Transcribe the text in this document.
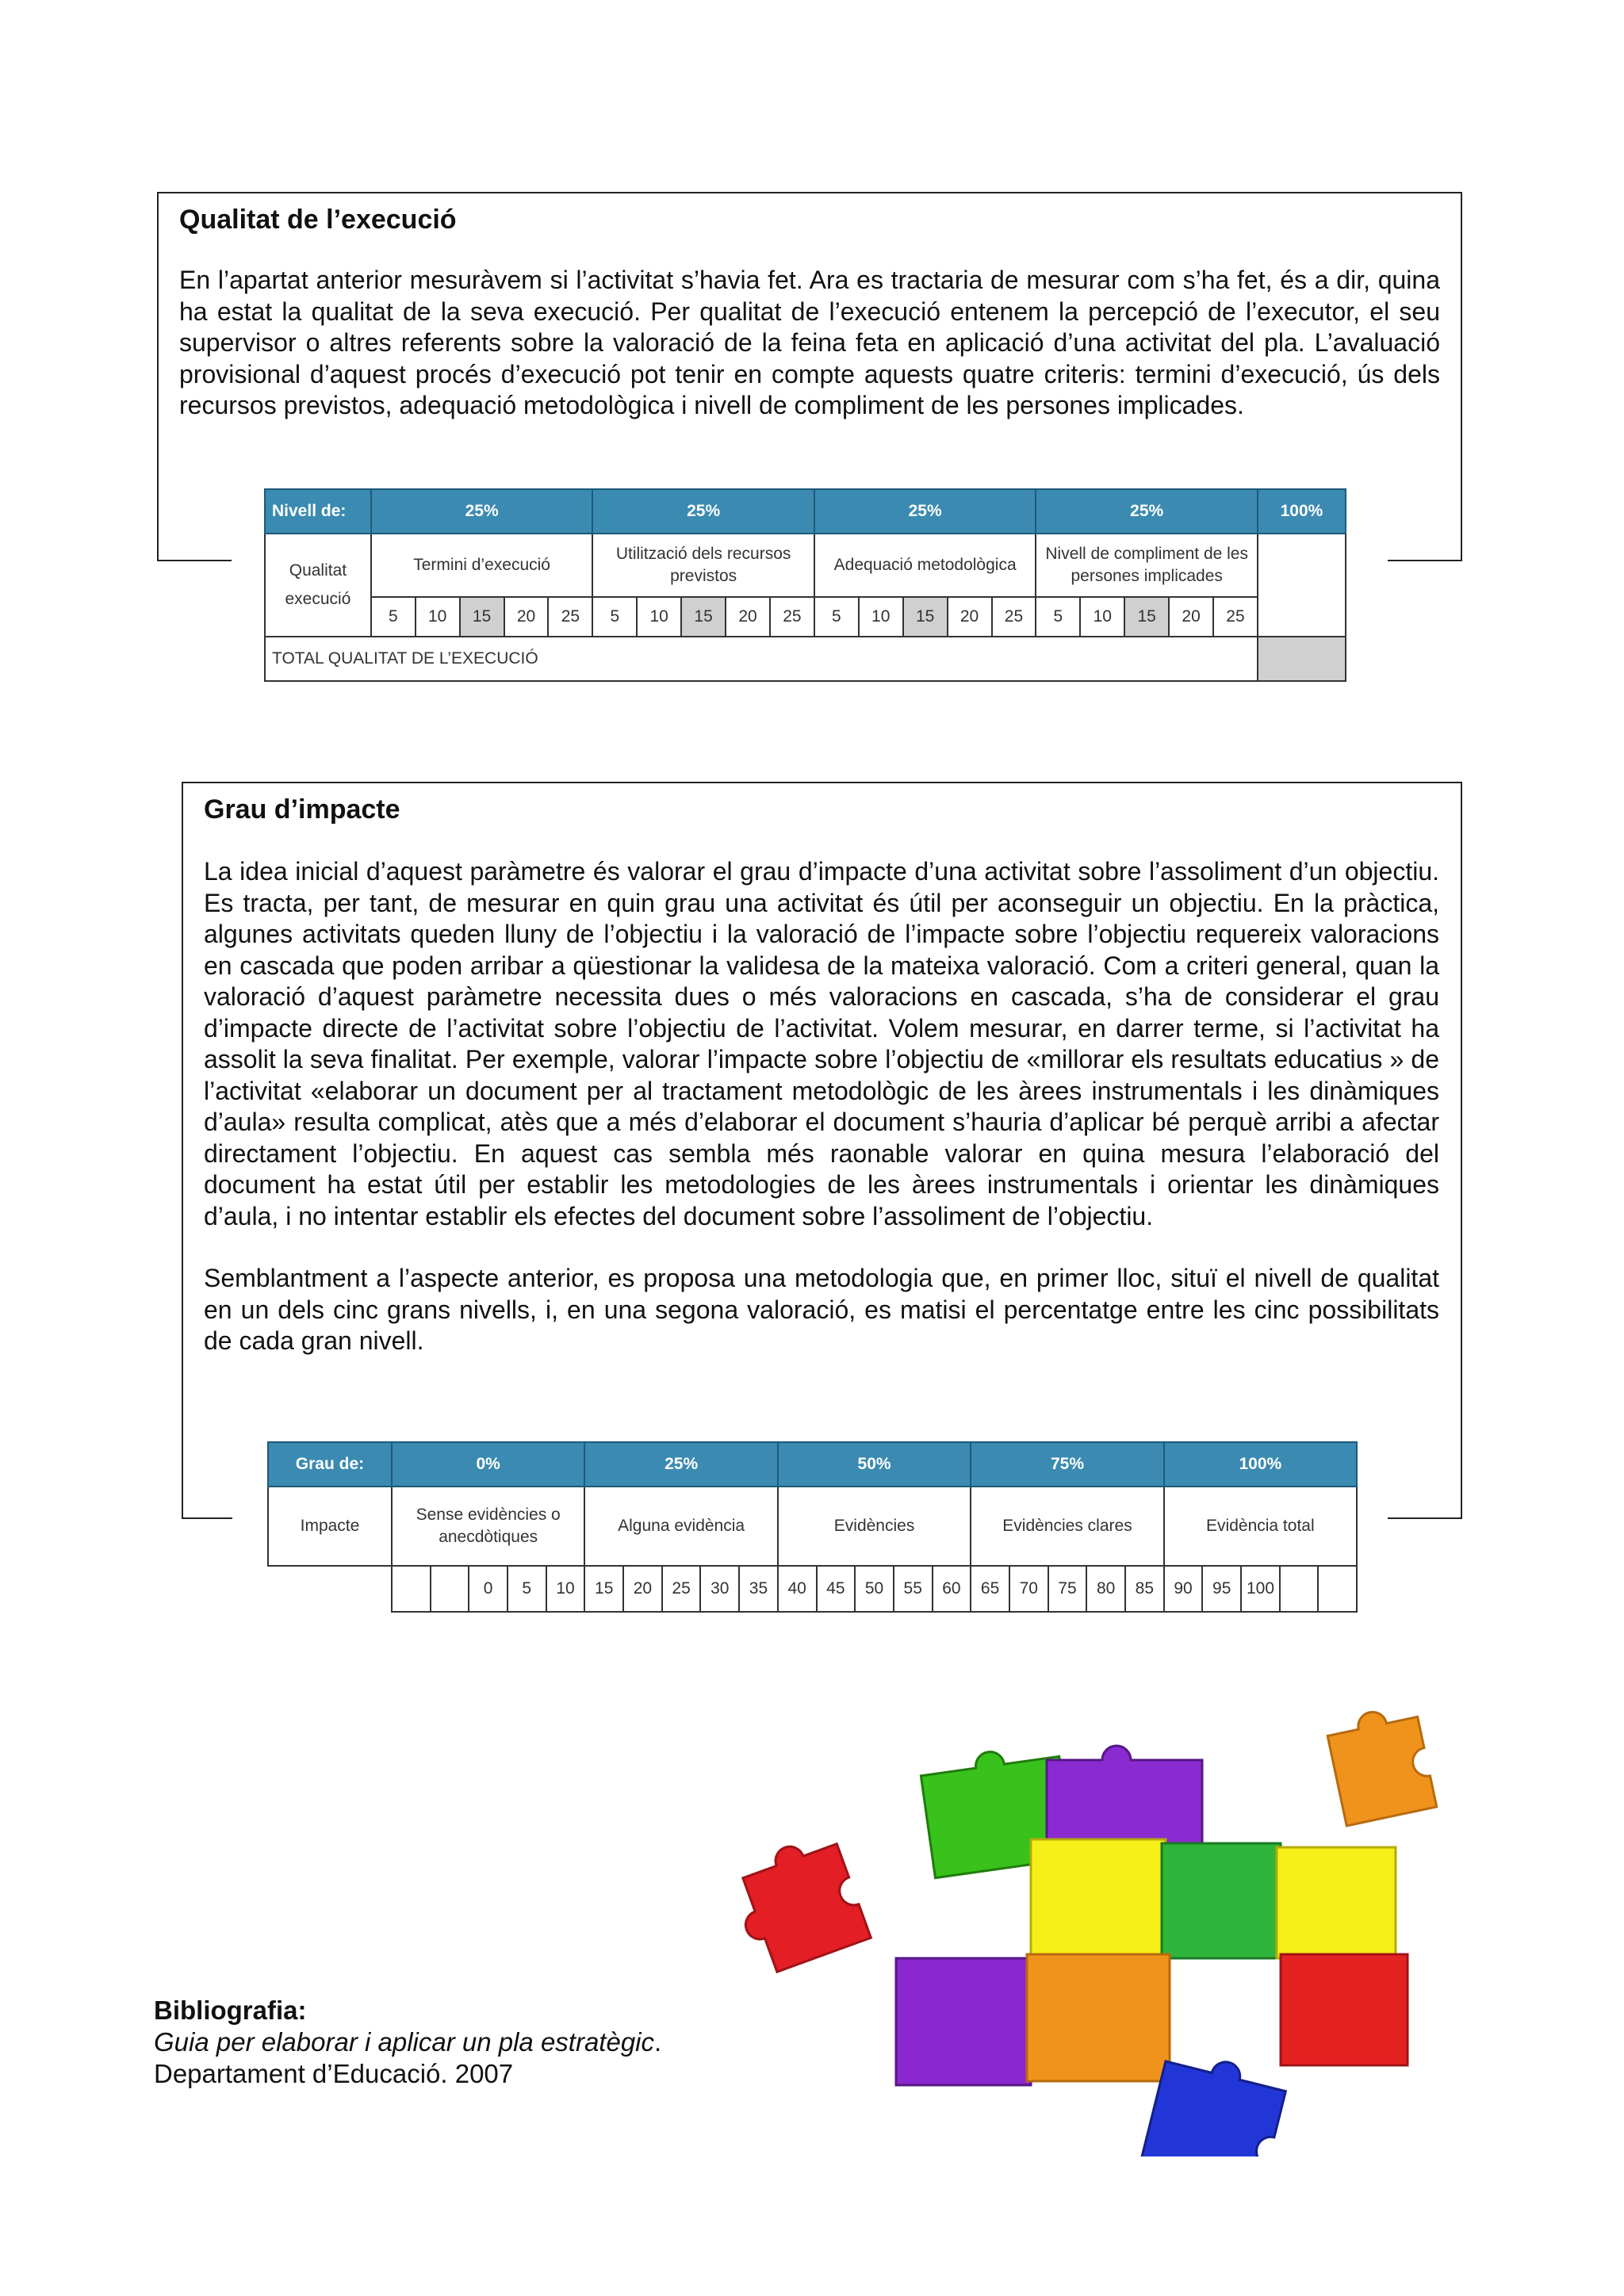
Qualitat de l’execució

En l’apartat anterior mesuràvem si l’activitat s’havia fet. Ara es tractaria de mesurar com s’ha fet, és a dir, quina ha estat la qualitat de la seva execució. Per qualitat de l’execució entenem la percepció de l’executor, el seu supervisor o altres referents sobre la valoració de la feina feta en aplicació d’una activitat del pla. L’avaluació provisional d’aquest procés d’execució pot tenir en compte aquests quatre criteris: termini d’execució, ús dels recursos previstos, adequació metodològica i nivell de compliment de les persones implicades.

Nivell de:	25%					25%					25%					25%					100%
Qualitat execució	Termini d’execució					Utilització dels recursos previstos					Adequació metodològica					Nivell de compliment de les persones implicades					
	5	10	15	20	25	5	10	15	20	25	5	10	15	20	25	5	10	15	20	25	
TOTAL QUALITAT DE L’EXECUCIÓ																					
Grau d’impacte

La idea inicial d’aquest paràmetre és valorar el grau d’impacte d’una activitat sobre l’assoliment d’un objectiu. Es tracta, per tant, de mesurar en quin grau una activitat és útil per aconseguir un objectiu. En la pràctica, algunes activitats queden lluny de l’objectiu i la valoració de l’impacte sobre l’objectiu requereix valoracions en cascada que poden arribar a qüestionar la validesa de la mateixa valoració. Com a criteri general, quan la valoració d’aquest paràmetre necessita dues o més valoracions en cascada, s’ha de considerar el grau d’impacte directe de l’activitat sobre l’objectiu de l’activitat. Volem mesurar, en darrer terme, si l’activitat ha assolit la seva finalitat. Per exemple, valorar l’impacte sobre l’objectiu de «millorar els resultats educatius » de l’activitat «elaborar un document per al tractament metodològic de les àrees instrumentals i les dinàmiques d’aula» resulta complicat, atès que a més d’elaborar el document s’hauria d’aplicar bé perquè arribi a afectar directament l’objectiu. En aquest cas sembla més raonable valorar en quina mesura l’elaboració del document ha estat útil per establir les metodologies de les àrees instrumentals i orientar les dinàmiques d’aula, i no intentar establir els efectes del document sobre l’assoliment de l’objectiu.

Semblantment a l’aspecte anterior, es proposa una metodologia que, en primer lloc, situï el nivell de qualitat en un dels cinc grans nivells, i, en una segona valoració, es matisi el percentatge entre les cinc possibilitats de cada gran nivell.

Grau de:	0%					25%					50%					75%					100%				
Impacte	Sense evidències o anecdòtiques					Alguna evidència					Evidències					Evidències clares					Evidència total				
			0	5	10	15	20	25	30	35	40	45	50	55	60	65	70	75	80	85	90	95	100		
Bibliografia:
Guia per elaborar i aplicar un pla estratègic.
Departament d’Educació. 2007
